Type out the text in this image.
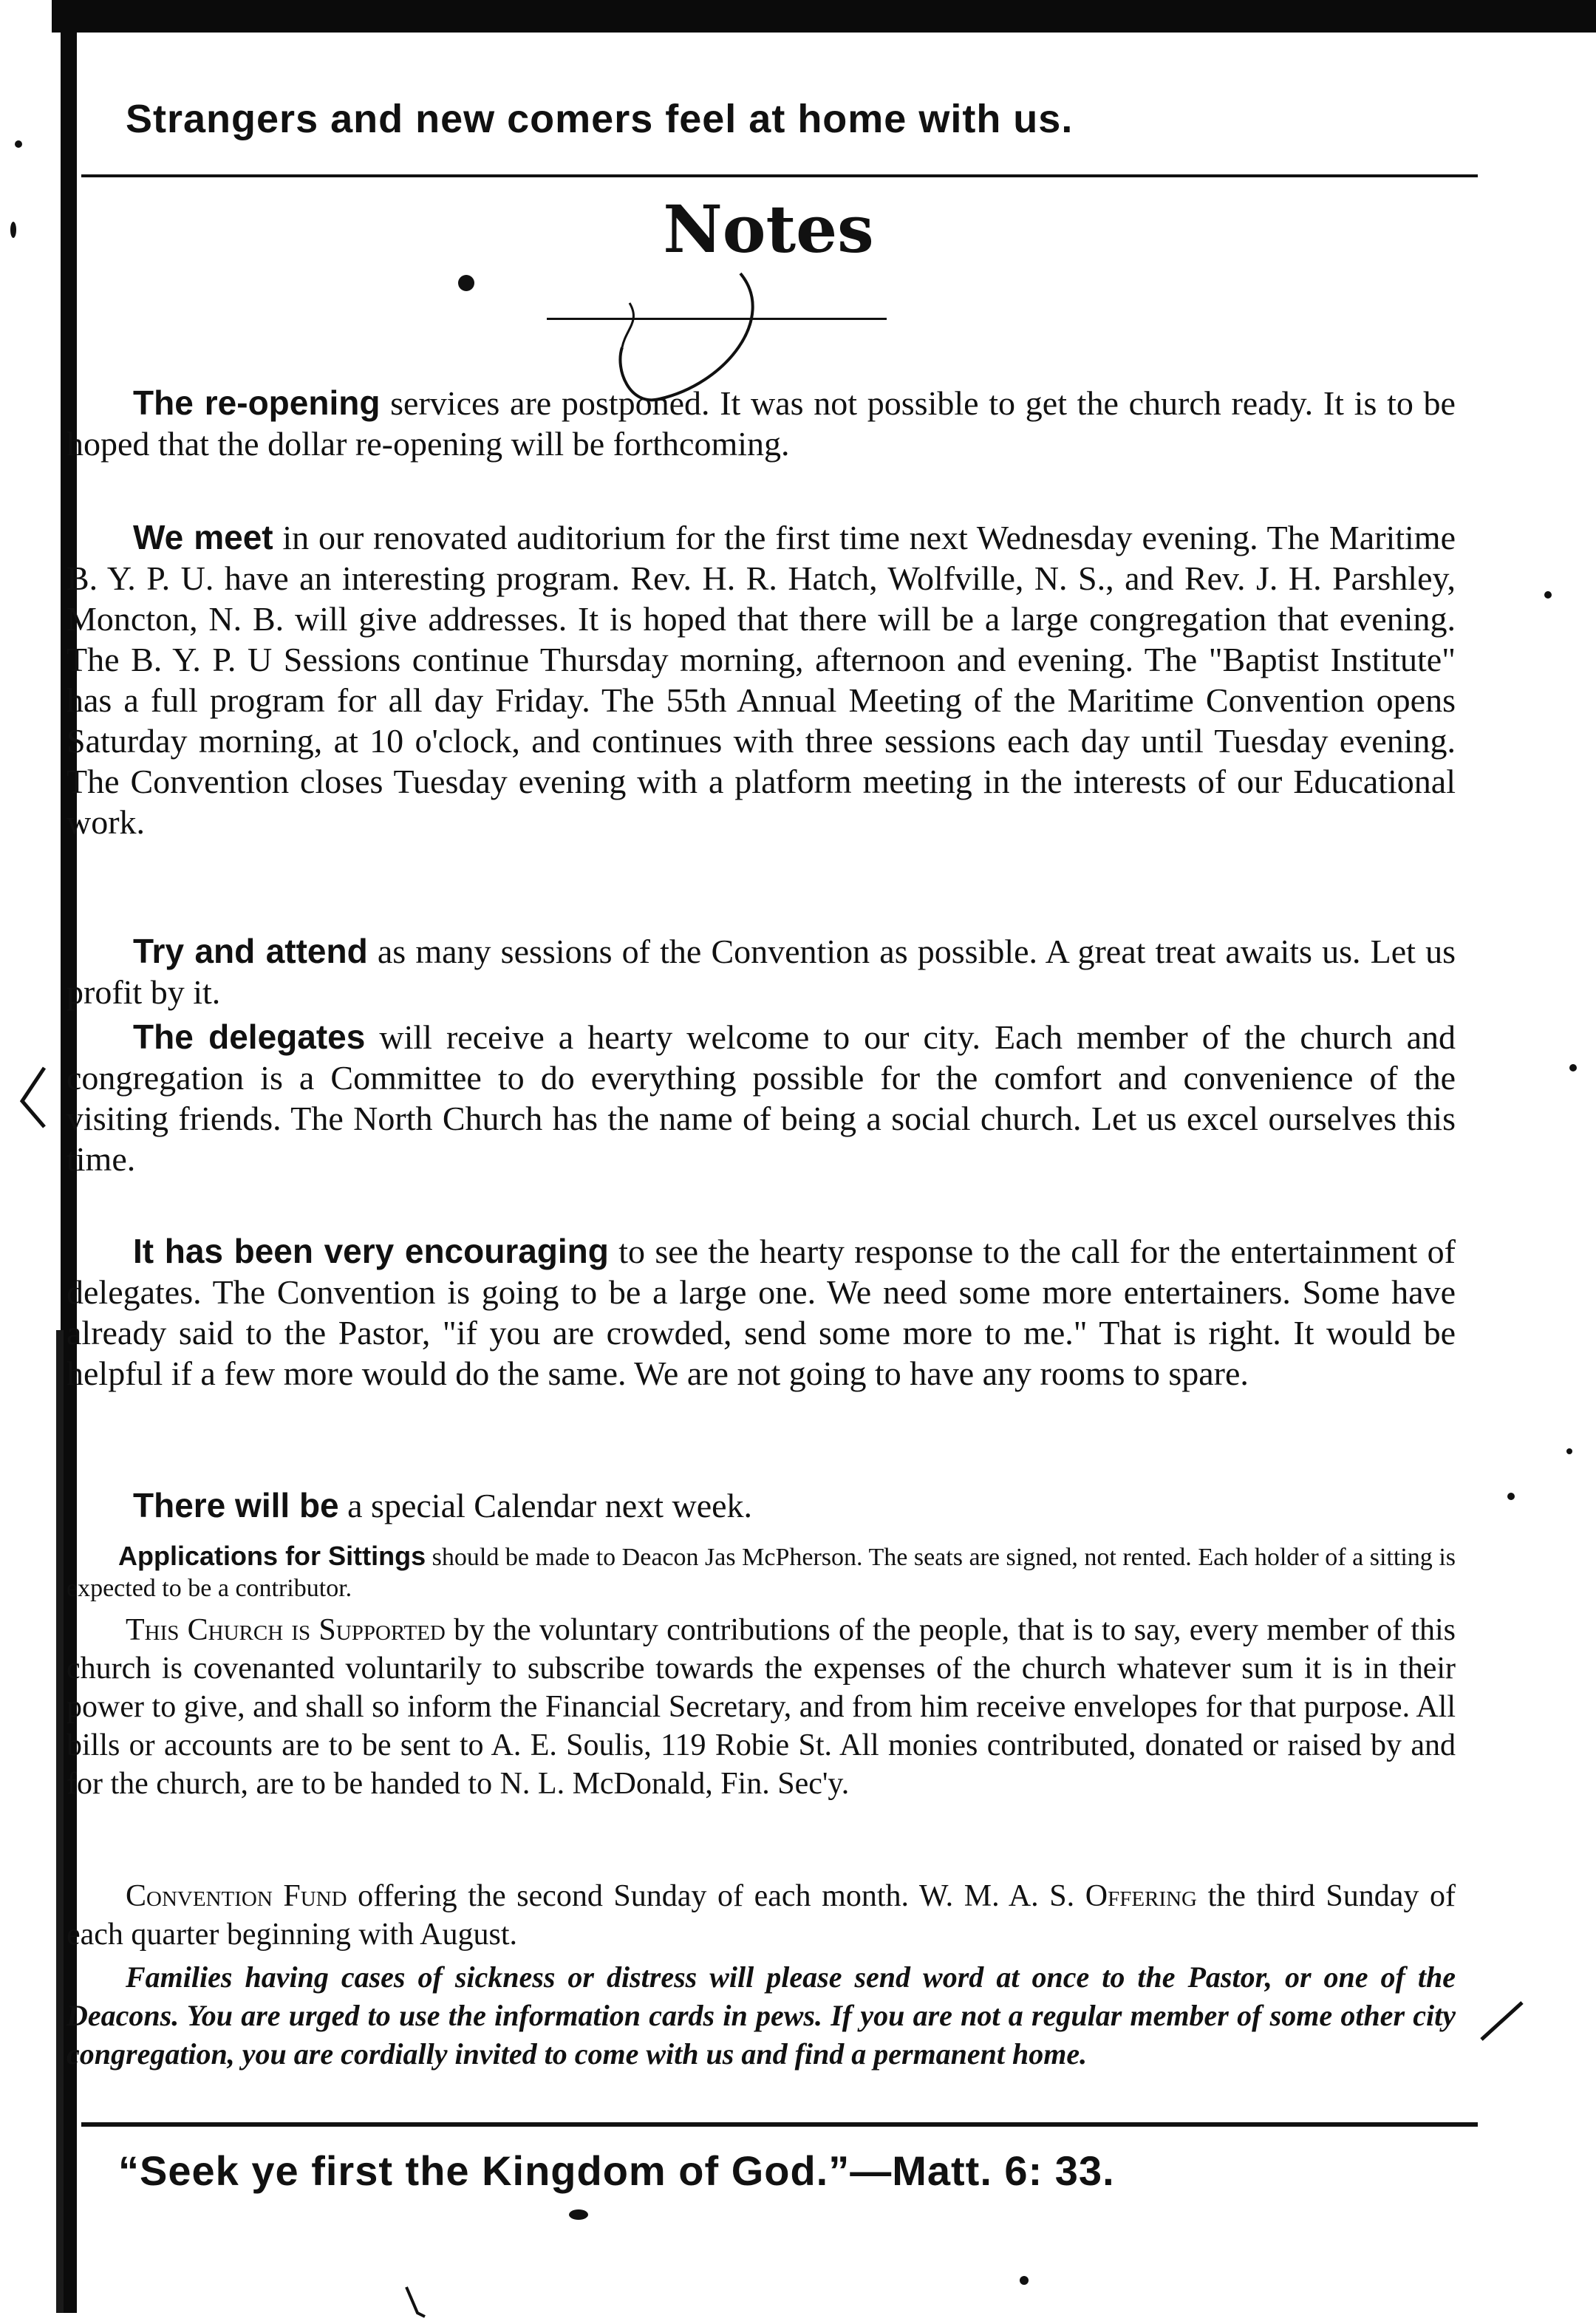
Strangers and new comers feel at home with us.
Notes
The re-opening services are postponed. It was not possible to get the church ready. It is to be hoped that the dollar re-opening will be forthcoming.
We meet in our renovated auditorium for the first time next Wednesday evening. The Maritime B. Y. P. U. have an interesting program. Rev. H. R. Hatch, Wolfville, N. S., and Rev. J. H. Parshley, Moncton, N. B. will give addresses. It is hoped that there will be a large congregation that evening. The B. Y. P. U Sessions continue Thursday morning, afternoon and evening. The "Baptist Institute" has a full program for all day Friday. The 55th Annual Meeting of the Maritime Convention opens Saturday morning, at 10 o'clock, and continues with three sessions each day until Tuesday evening. The Convention closes Tuesday evening with a platform meeting in the interests of our Educational work.
Try and attend as many sessions of the Convention as possible. A great treat awaits us. Let us profit by it.
The delegates will receive a hearty welcome to our city. Each member of the church and congregation is a Committee to do everything possible for the comfort and convenience of the visiting friends. The North Church has the name of being a social church. Let us excel ourselves this time.
It has been very encouraging to see the hearty response to the call for the entertainment of delegates. The Convention is going to be a large one. We need some more entertainers. Some have already said to the Pastor, "if you are crowded, send some more to me." That is right. It would be helpful if a few more would do the same. We are not going to have any rooms to spare.
There will be a special Calendar next week.
Applications for Sittings should be made to Deacon Jas McPherson. The seats are signed, not rented. Each holder of a sitting is expected to be a contributor.
This Church is Supported by the voluntary contributions of the people, that is to say, every member of this church is covenanted voluntarily to subscribe towards the expenses of the church whatever sum it is in their power to give, and shall so inform the Financial Secretary, and from him receive envelopes for that purpose. All bills or accounts are to be sent to A. E. Soulis, 119 Robie St. All monies contributed, donated or raised by and for the church, are to be handed to N. L. McDonald, Fin. Sec'y.
Convention Fund offering the second Sunday of each month. W. M. A. S. Offering the third Sunday of each quarter beginning with August.
Families having cases of sickness or distress will please send word at once to the Pastor, or one of the Deacons. You are urged to use the information cards in pews. If you are not a regular member of some other city congregation, you are cordially invited to come with us and find a permanent home.
“Seek ye first the Kingdom of God.”—Matt. 6: 33.
